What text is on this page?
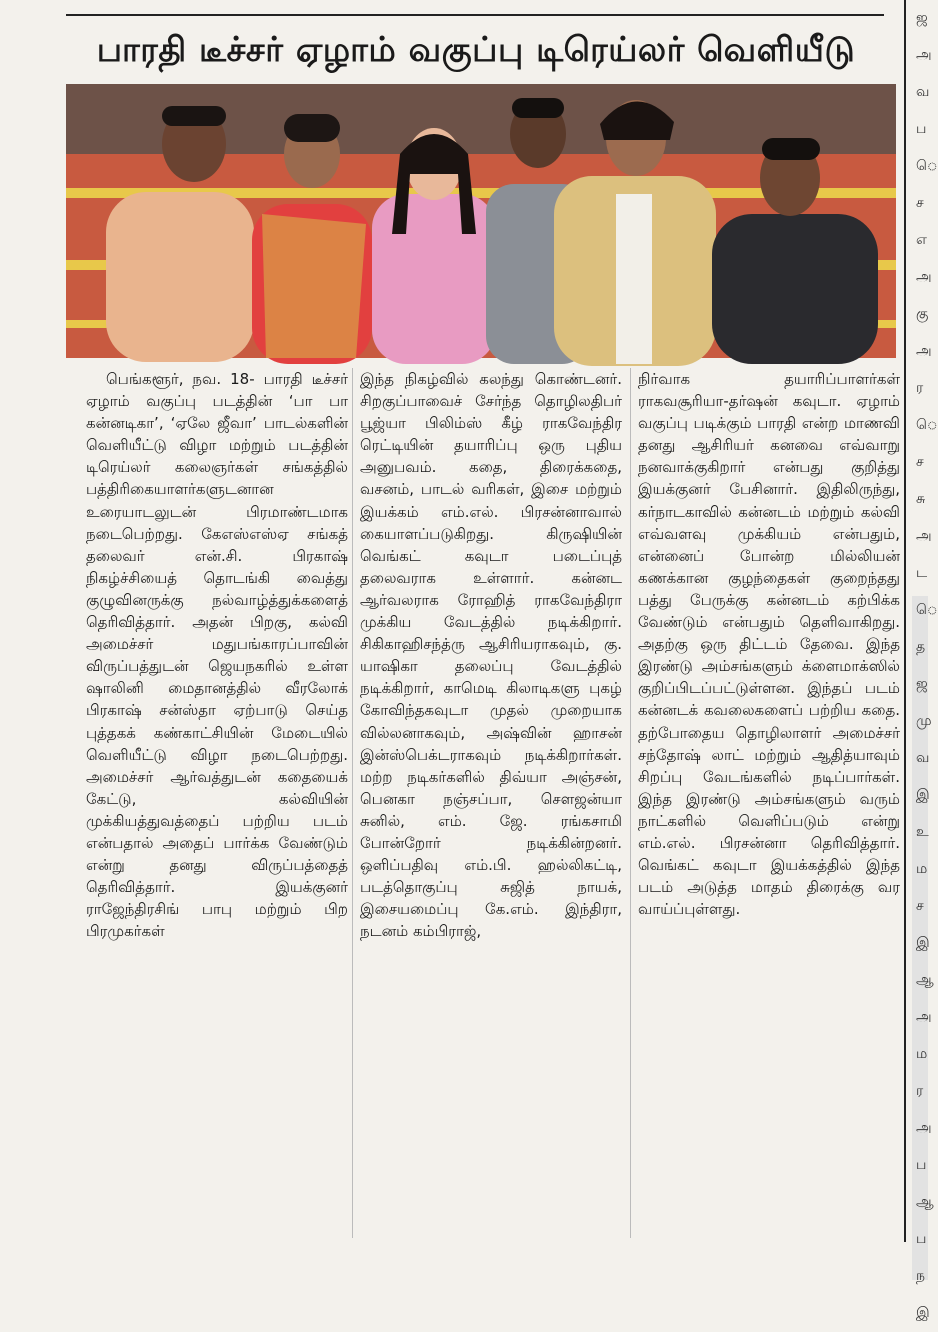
பாரதி டீச்சர் ஏழாம் வகுப்பு டிரெய்லர் வெளியீடு

பெங்களூர், நவ. 18- பாரதி டீச்சர் ஏழாம் வகுப்பு படத்தின் ‘பா பா கன்னடிகா’, ‘ஏலே ஜீவா’ பாடல்களின் வெளியீட்டு விழா மற்றும் படத்தின் டிரெய்லர் கலைஞர்கள் சங்கத்தில் பத்திரிகையாளர்களுடனான உரையாடலுடன் பிரமாண்டமாக நடைபெற்றது. கேஎஸ்எஸ்ஏ சங்கத் தலைவர் என்.சி. பிரகாஷ் நிகழ்ச்சியைத் தொடங்கி வைத்து குழுவினருக்கு நல்வாழ்த்துக்களைத் தெரிவித்தார். அதன் பிறகு, கல்வி அமைச்சர் மதுபங்காரப்பாவின் விருப்பத்துடன் ஜெயநகரில் உள்ள ஷாலினி மைதானத்தில் வீரலோக் பிரகாஷ் சன்ஸ்தா ஏற்பாடு செய்த புத்தகக் கண்காட்சியின் மேடையில் வெளியீட்டு விழா நடைபெற்றது. அமைச்சர் ஆர்வத்துடன் கதையைக் கேட்டு, கல்வியின் முக்கியத்துவத்தைப் பற்றிய படம் என்பதால் அதைப் பார்க்க வேண்டும் என்று தனது விருப்பத்தைத் தெரிவித்தார். இயக்குனர் ராஜேந்திரசிங் பாபு மற்றும் பிற பிரமுகர்கள்

இந்த நிகழ்வில் கலந்து கொண்டனர். சிறகுப்பாவைச் சேர்ந்த தொழிலதிபர் பூஜ்யா பிலிம்ஸ் கீழ் ராகவேந்திர ரெட்டியின் தயாரிப்பு ஒரு புதிய அனுபவம். கதை, திரைக்கதை, வசனம், பாடல் வரிகள், இசை மற்றும் இயக்கம் எம்.எல். பிரசன்னாவால் கையாளப்படுகிறது. கிருஷியின் வெங்கட் கவுடா படைப்புத் தலைவராக உள்ளார். கன்னட ஆர்வலராக ரோஹித் ராகவேந்திரா முக்கிய வேடத்தில் நடிக்கிறார். சிகிகாஹிசந்த்ரு ஆசிரியராகவும், கு. யாஷிகா தலைப்பு வேடத்தில் நடிக்கிறார், காமெடி கிலாடிகளு புகழ் கோவிந்தகவுடா முதல் முறையாக வில்லனாகவும், அஷ்வின் ஹாசன் இன்ஸ்பெக்டராகவும் நடிக்கிறார்கள். மற்ற நடிகர்களில் திவ்யா அஞ்சன், பெனகா நஞ்சப்பா, சௌஜன்யா சுனில், எம். ஜே. ரங்கசாமி போன்றோர் நடிக்கின்றனர். ஒளிப்பதிவு எம்.பி. ஹல்லிகட்டி, படத்தொகுப்பு சுஜித் நாயக், இசையமைப்பு கே.எம். இந்திரா, நடனம் கம்பிராஜ்,

நிர்வாக தயாரிப்பாளர்கள் ராகவசூரியா-தர்ஷன் கவுடா. ஏழாம் வகுப்பு படிக்கும் பாரதி என்ற மாணவி தனது ஆசிரியர் கனவை எவ்வாறு நனவாக்குகிறார் என்பது குறித்து இயக்குனர் பேசினார். இதிலிருந்து, கர்நாடகாவில் கன்னடம் மற்றும் கல்வி எவ்வளவு முக்கியம் என்பதும், என்னைப் போன்ற மில்லியன் கணக்கான குழந்தைகள் குறைந்தது பத்து பேருக்கு கன்னடம் கற்பிக்க வேண்டும் என்பதும் தெளிவாகிறது. அதற்கு ஒரு திட்டம் தேவை. இந்த இரண்டு அம்சங்களும் க்ளைமாக்ஸில் குறிப்பிடப்பட்டுள்ளன. இந்தப் படம் கன்னடக் கவலைகளைப் பற்றிய கதை. தற்போதைய தொழிலாளர் அமைச்சர் சந்தோஷ் லாட் மற்றும் ஆதித்யாவும் சிறப்பு வேடங்களில் நடிப்பார்கள். இந்த இரண்டு அம்சங்களும் வரும் நாட்களில் வெளிப்படும் என்று எம்.எல். பிரசன்னா தெரிவித்தார். வெங்கட் கவுடா இயக்கத்தில் இந்த படம் அடுத்த மாதம் திரைக்கு வர வாய்ப்புள்ளது.

ஜ
அ
வ
ப
ெ
ச
எ
அ
கு
அ
ர
ெ
ச
சு
அ
ட
ெ
த
ஜ
மு
வ
இ
உ
ம
ச
இ
ஆ
அ
ம
ர
அ
ப
ஆ
ப
ந
இ
